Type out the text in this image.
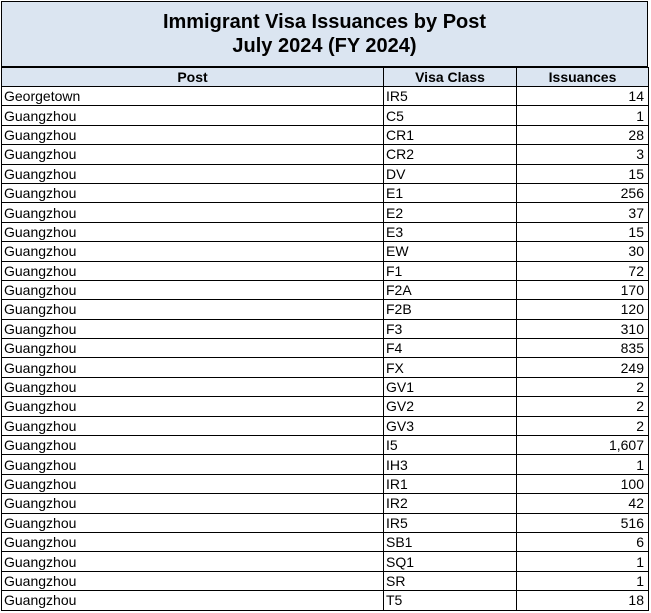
Immigrant Visa Issuances by Post
July 2024 (FY 2024)
Post	Visa Class	Issuances
Georgetown	IR5	14
Guangzhou	C5	1
Guangzhou	CR1	28
Guangzhou	CR2	3
Guangzhou	DV	15
Guangzhou	E1	256
Guangzhou	E2	37
Guangzhou	E3	15
Guangzhou	EW	30
Guangzhou	F1	72
Guangzhou	F2A	170
Guangzhou	F2B	120
Guangzhou	F3	310
Guangzhou	F4	835
Guangzhou	FX	249
Guangzhou	GV1	2
Guangzhou	GV2	2
Guangzhou	GV3	2
Guangzhou	I5	1,607
Guangzhou	IH3	1
Guangzhou	IR1	100
Guangzhou	IR2	42
Guangzhou	IR5	516
Guangzhou	SB1	6
Guangzhou	SQ1	1
Guangzhou	SR	1
Guangzhou	T5	18
